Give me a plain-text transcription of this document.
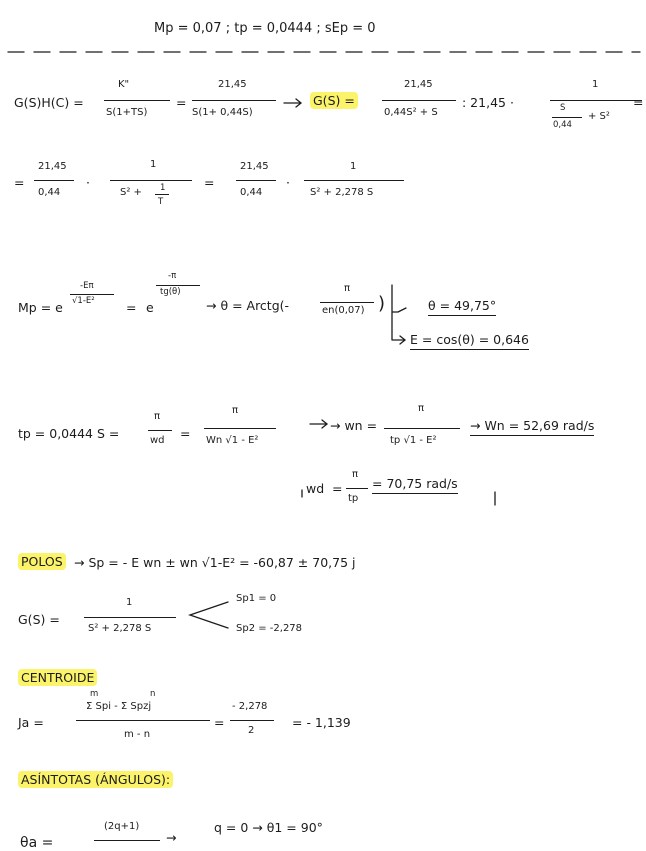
Mp = 0,07 ; tp = 0,0444 ; sEp = 0
G(S)H(C) =
K"
S(1+TS)
=
21,45
S(1+ 0,44S)
G(S) =
21,45
0,44S² + S
: 21,45 ·
1
S
0,44
+ S²
=
=
21,45
0,44
·
1
S² + 1
T
=
21,45
0,44
·
1
S² + 2,278 S
Mp = e
-Eπ
√1-E²	= e
-π
tg(θ)
→ θ = Arctg(-
π
en(0,07) )	θ = 49,75°
E = cos(θ) = 0,646
tp = 0,0444 S =
π
wd =
π
Wn √1 - E²
→ wn =
π
tp √1 - E²
→ Wn = 52,69 rad/s
wd =
π
tp
= 70,75 rad/s
POLOS → Sp = - E wn ± wn √1-E² = -60,87 ± 70,75 j
G(S) =
1
S² + 2,278 S
Sp1 = 0
Sp2 = -2,278
CENTROIDE
Ja =
m	n
Σ Spi - Σ Spzj
m - n
=
- 2,278
2
= - 1,139
ASÍNTOTAS (ÁNGULOS):
θa =
(2q+1)
→
q = 0 → θ1 = 90°
